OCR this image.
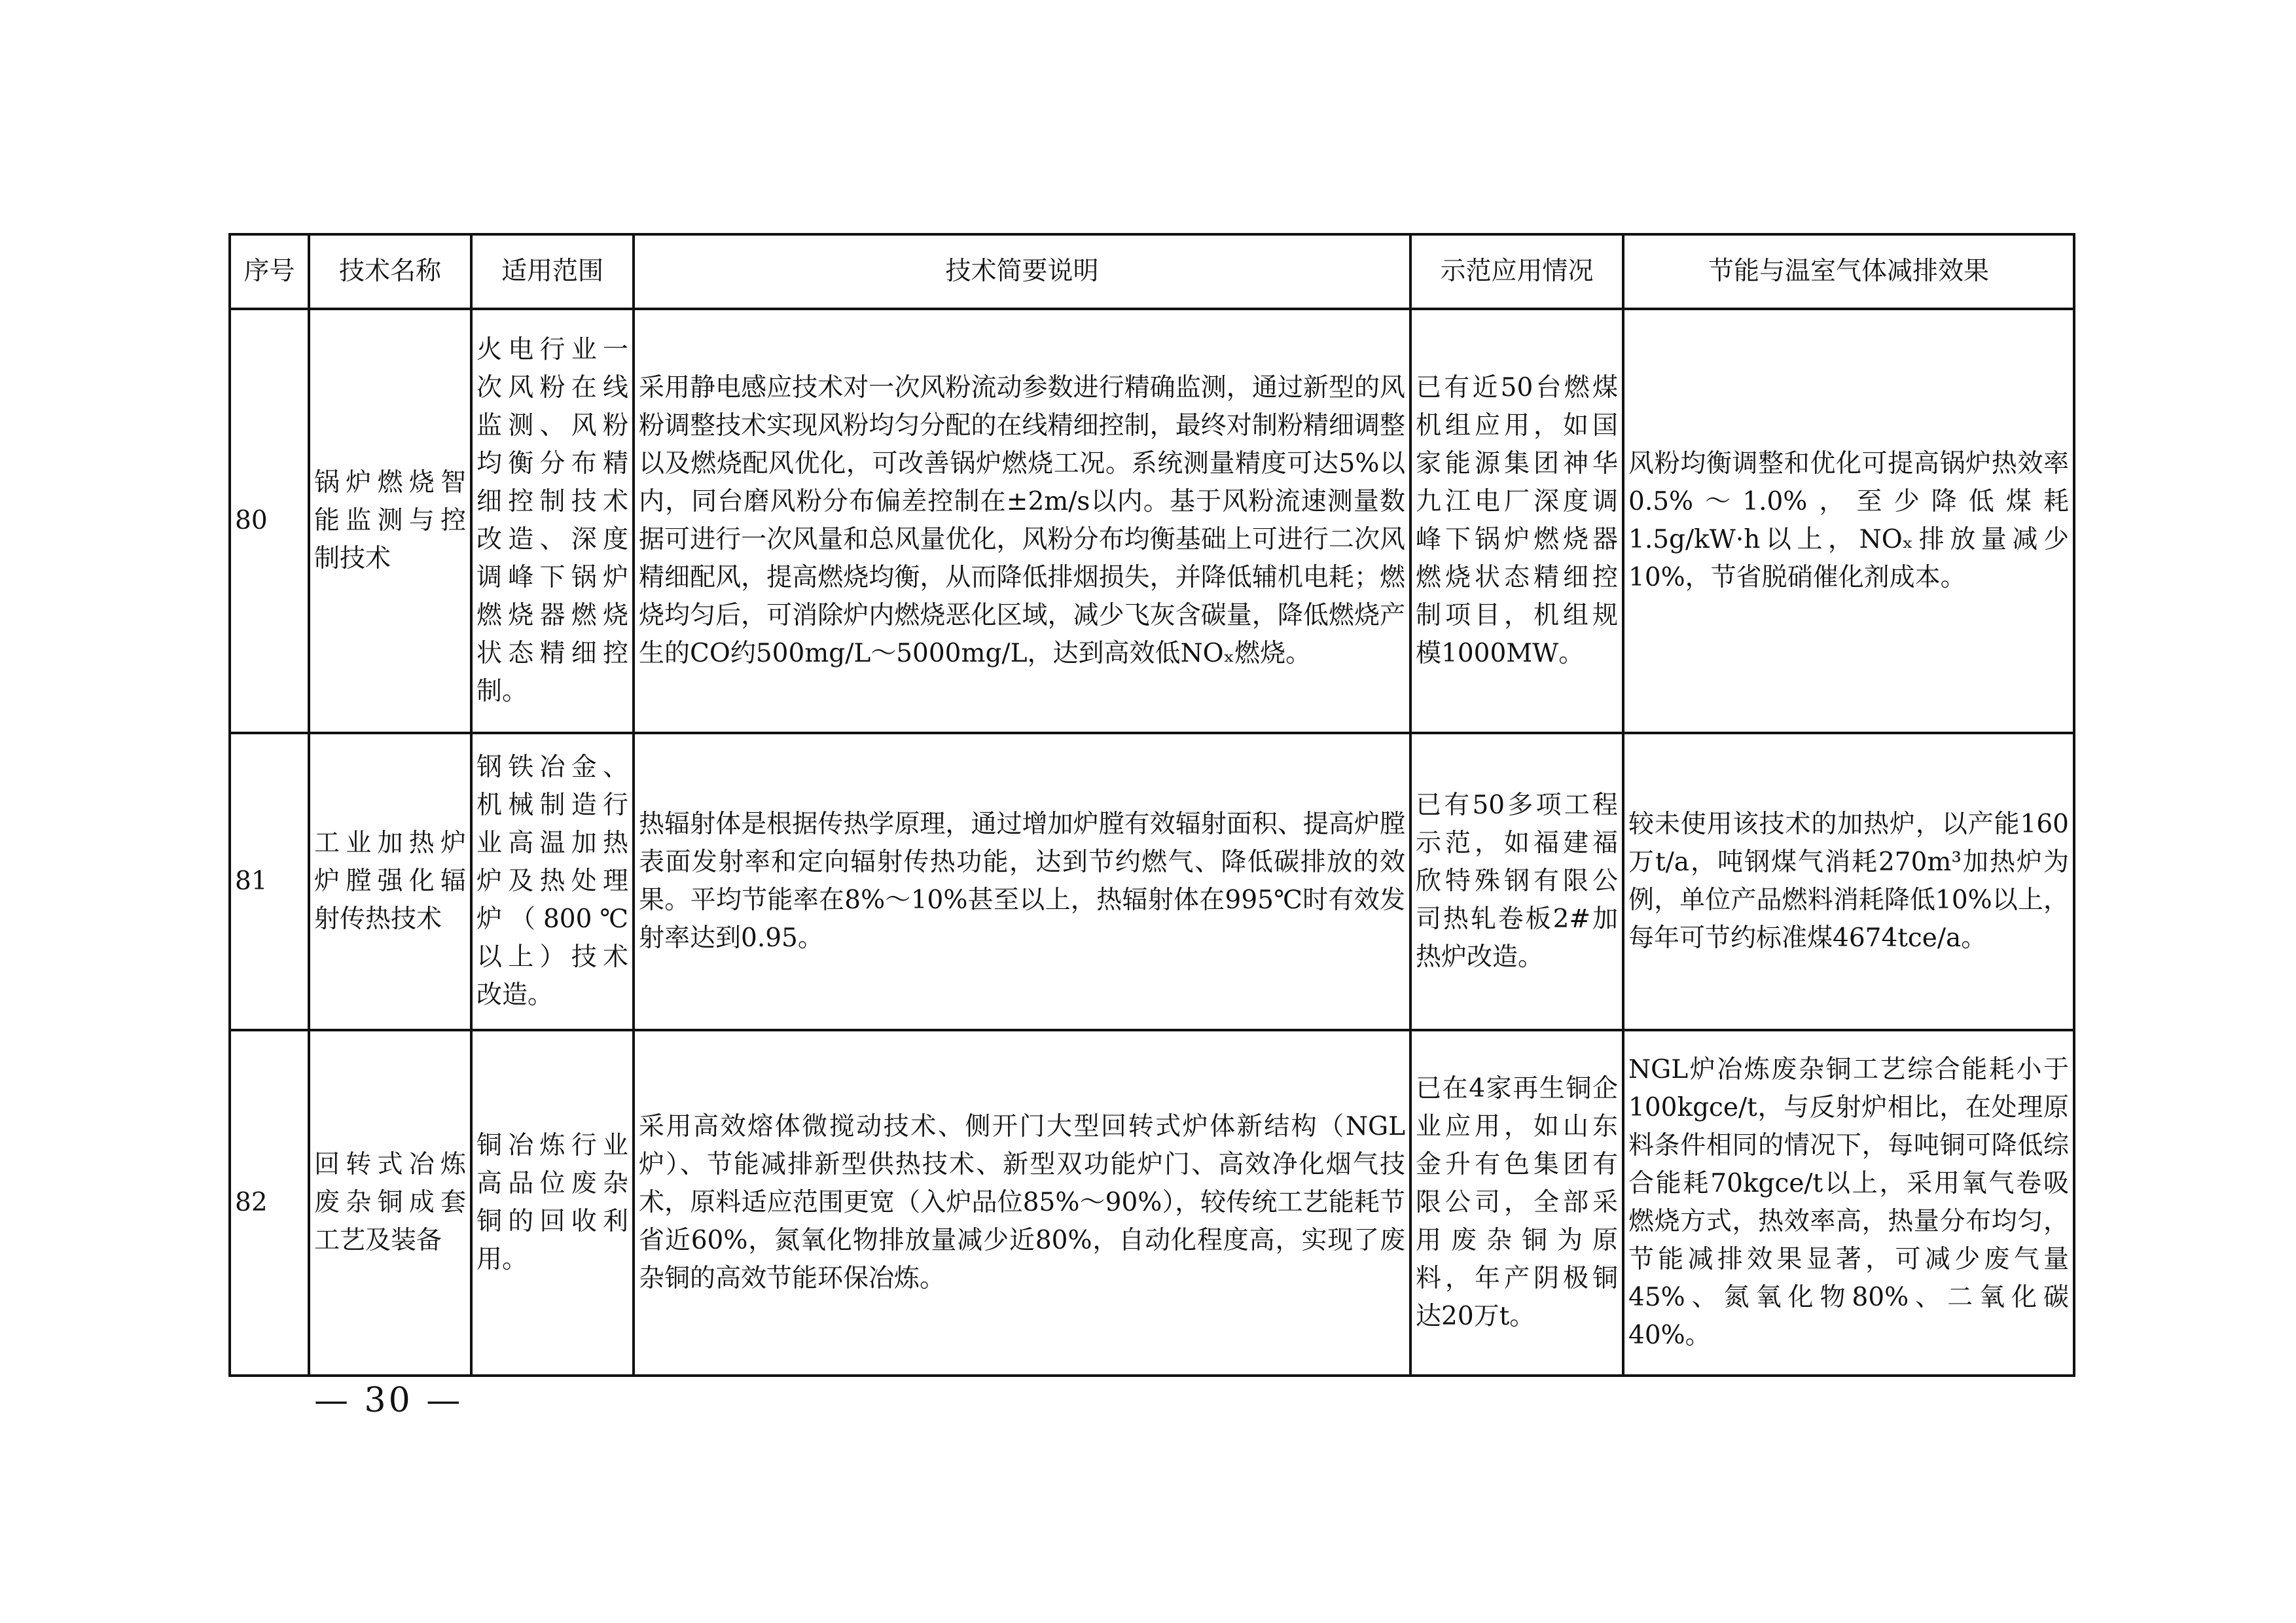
序号	技术名称	适用范围	技术简要说明	示范应用情况	节能与温室气体减排效果
80	锅炉燃烧智能监测与控制技术	火电行业一次风粉在线监测、风粉均衡分布精细控制技术改造、深度调峰下锅炉燃烧器燃烧状态精细控制。	采用静电感应技术对一次风粉流动参数进行精确监测，通过新型的风粉调整技术实现风粉均匀分配的在线精细控制，最终对制粉精细调整以及燃烧配风优化，可改善锅炉燃烧工况。系统测量精度可达5%以内，同台磨风粉分布偏差控制在±2m/s以内。基于风粉流速测量数据可进行一次风量和总风量优化，风粉分布均衡基础上可进行二次风精细配风，提高燃烧均衡，从而降低排烟损失，并降低辅机电耗；燃烧均匀后，可消除炉内燃烧恶化区域，减少飞灰含碳量，降低燃烧产生的CO约500mg/L～5000mg/L，达到高效低NOₓ燃烧。	已有近50台燃煤机组应用，如国家能源集团神华九江电厂深度调峰下锅炉燃烧器燃烧状态精细控制项目，机组规模1000MW。	风粉均衡调整和优化可提高锅炉热效率0.5%～1.0%，至少降低煤耗1.5g/kW·h以上，NOₓ排放量减少10%，节省脱硝催化剂成本。
81	工业加热炉炉膛强化辐射传热技术	钢铁冶金、机械制造行业高温加热炉及热处理炉（800℃以上）技术改造。	热辐射体是根据传热学原理，通过增加炉膛有效辐射面积、提高炉膛表面发射率和定向辐射传热功能，达到节约燃气、降低碳排放的效果。平均节能率在8%～10%甚至以上，热辐射体在995℃时有效发射率达到0.95。	已有50多项工程示范，如福建福欣特殊钢有限公司热轧卷板2#加热炉改造。	较未使用该技术的加热炉，以产能160万t/a，吨钢煤气消耗270m³加热炉为例，单位产品燃料消耗降低10%以上，每年可节约标准煤4674tce/a。
82	回转式冶炼废杂铜成套工艺及装备	铜冶炼行业高品位废杂铜的回收利用。	采用高效熔体微搅动技术、侧开门大型回转式炉体新结构（NGL炉）、节能减排新型供热技术、新型双功能炉门、高效净化烟气技术，原料适应范围更宽（入炉品位85%～90%），较传统工艺能耗节省近60%，氮氧化物排放量减少近80%，自动化程度高，实现了废杂铜的高效节能环保冶炼。	已在4家再生铜企业应用，如山东金升有色集团有限公司，全部采用废杂铜为原料，年产阴极铜达20万t。	NGL炉冶炼废杂铜工艺综合能耗小于100kgce/t，与反射炉相比，在处理原料条件相同的情况下，每吨铜可降低综合能耗70kgce/t以上，采用氧气卷吸燃烧方式，热效率高，热量分布均匀，节能减排效果显著，可减少废气量45%、氮氧化物80%、二氧化碳40%。
— 30 —
